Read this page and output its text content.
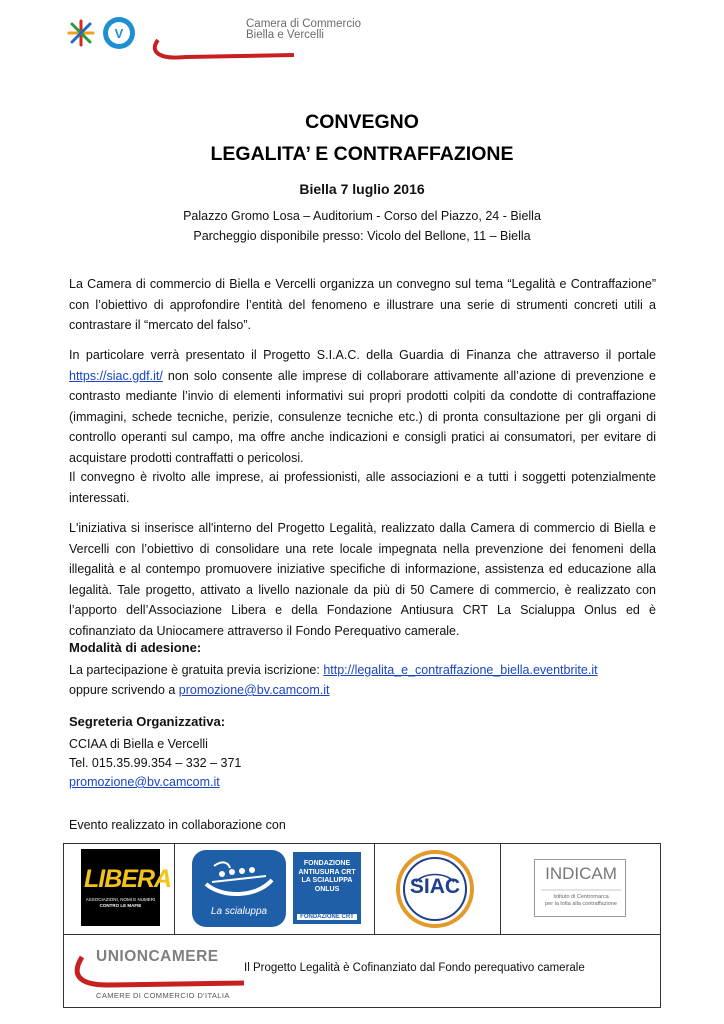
V
Camera di Commercio
Biella e Vercelli
CONVEGNO
LEGALITA’ E CONTRAFFAZIONE
Biella 7 luglio 2016
Palazzo Gromo Losa – Auditorium - Corso del Piazzo, 24 - Biella
Parcheggio disponibile presso: Vicolo del Bellone, 11 – Biella
La Camera di commercio di Biella e Vercelli organizza un convegno sul tema “Legalità e Contraffazione” con l’obiettivo di approfondire l’entità del fenomeno e illustrare una serie di strumenti concreti utili a contrastare il “mercato del falso”.
In particolare verrà presentato il Progetto S.I.A.C. della Guardia di Finanza che attraverso il portale https://siac.gdf.it/ non solo consente alle imprese di collaborare attivamente all’azione di prevenzione e contrasto mediante l’invio di elementi informativi sui propri prodotti colpiti da condotte di contraffazione (immagini, schede tecniche, perizie, consulenze tecniche etc.) di pronta consultazione per gli organi di controllo operanti sul campo, ma offre anche indicazioni e consigli pratici ai consumatori, per evitare di acquistare prodotti contraffatti o pericolosi.
Il convegno è rivolto alle imprese, ai professionisti, alle associazioni e a tutti i soggetti potenzialmente interessati.
L'iniziativa si inserisce all'interno del Progetto Legalità, realizzato dalla Camera di commercio di Biella e Vercelli con l’obiettivo di consolidare una rete locale impegnata nella prevenzione dei fenomeni della illegalità e al contempo promuovere iniziative specifiche di informazione, assistenza ed educazione alla legalità. Tale progetto, attivato a livello nazionale da più di 50 Camere di commercio, è realizzato con l’apporto dell’Associazione Libera e della Fondazione Antiusura CRT La Scialuppa Onlus ed è cofinanziato da Uniocamere attraverso il Fondo Perequativo camerale.
Modalità di adesione:
La partecipazione è gratuita previa iscrizione: http://legalita_e_contraffazione_biella.eventbrite.it
oppure scrivendo a promozione@bv.camcom.it
Segreteria Organizzativa:
CCIAA di Biella e Vercelli
Tel. 015.35.99.354 – 332 – 371
promozione@bv.camcom.it
Evento realizzato in collaborazione con
LIBERA
ASSOCIAZIONI, NOMI E NUMERI
CONTRO LE MAFIE
La scialuppa
FONDAZIONE
ANTIUSURA CRT
LA SCIALUPPA
ONLUS
FONDAZIONE CRT
SIAC
INDICAM
Istituto di Centromarca
per la lotta alla contraffazione
UNIONCAMERE
CAMERE DI COMMERCIO D'ITALIA
Il Progetto Legalità è Cofinanziato dal Fondo perequativo camerale
